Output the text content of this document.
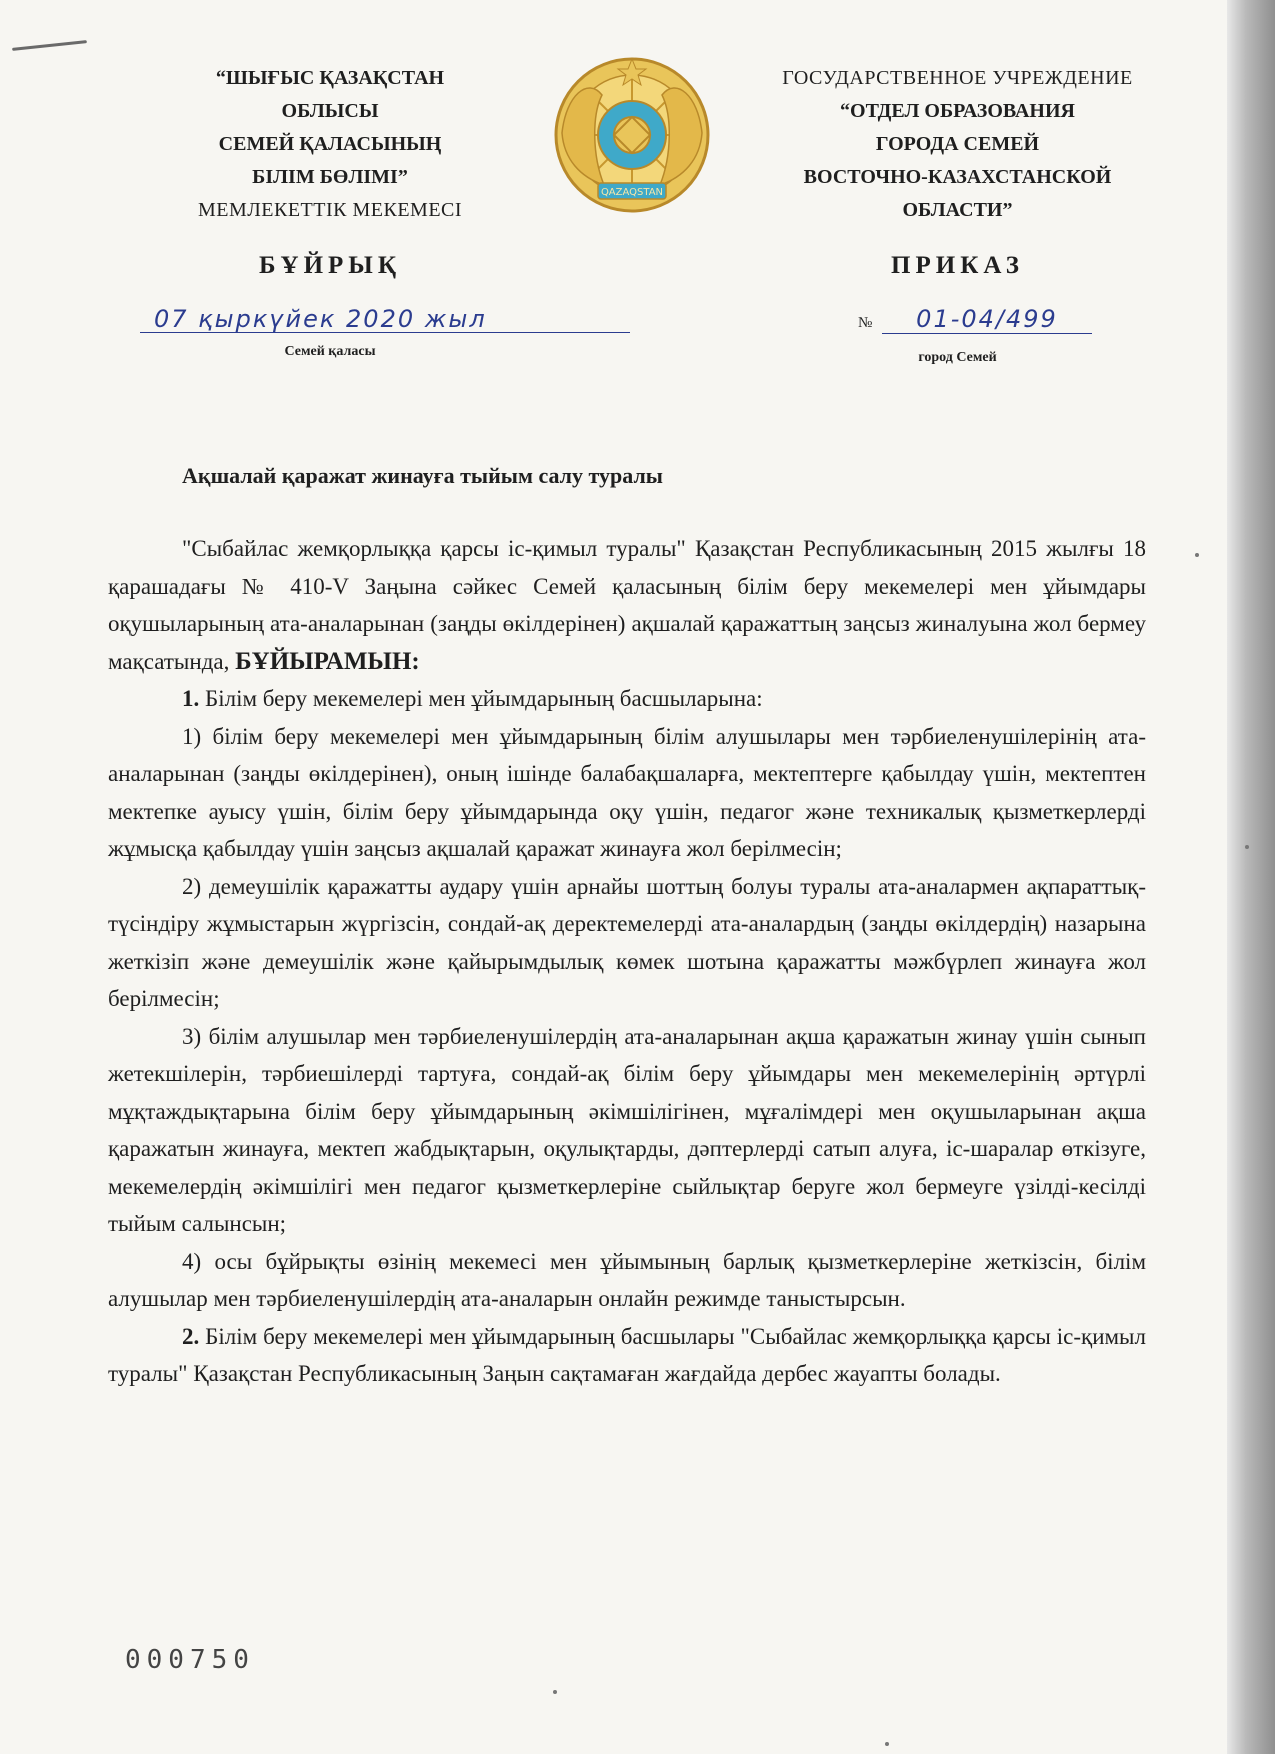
“ШЫҒЫС ҚАЗАҚСТАН
ОБЛЫСЫ
СЕМЕЙ ҚАЛАСЫНЫҢ
БІЛІМ БӨЛІМІ”
МЕМЛЕКЕТТІК МЕКЕМЕСІ
QAZAQSTAN
ГОСУДАРСТВЕННОЕ УЧРЕЖДЕНИЕ
“ОТДЕЛ ОБРАЗОВАНИЯ
ГОРОДА СЕМЕЙ
ВОСТОЧНО-КАЗАХСТАНСКОЙ
ОБЛАСТИ”
БҰЙРЫҚ	ПРИКАЗ
07 қыркүйек 2020 жыл
Семей қаласы
№	01-04/499
город Семей
Ақшалай қаражат жинауға тыйым салу туралы

"Сыбайлас жемқорлыққа қарсы іс-қимыл туралы" Қазақстан Республикасының 2015 жылғы 18 қарашадағы № 410-V Заңына сәйкес Семей қаласының білім беру мекемелері мен ұйымдары оқушыларының ата-аналарынан (заңды өкілдерінен) ақшалай қаражаттың заңсыз жиналуына жол бермеу мақсатында, БҰЙЫРАМЫН:

1. Білім беру мекемелері мен ұйымдарының басшыларына:

1) білім беру мекемелері мен ұйымдарының білім алушылары мен тәрбиеленушілерінің ата-аналарынан (заңды өкілдерінен), оның ішінде балабақшаларға, мектептерге қабылдау үшін, мектептен мектепке ауысу үшін, білім беру ұйымдарында оқу үшін, педагог және техникалық қызметкерлерді жұмысқа қабылдау үшін заңсыз ақшалай қаражат жинауға жол берілмесін;

2) демеушілік қаражатты аудару үшін арнайы шоттың болуы туралы ата-аналармен ақпараттық-түсіндіру жұмыстарын жүргізсін, сондай-ақ деректемелерді ата-аналардың (заңды өкілдердің) назарына жеткізіп және демеушілік және қайырымдылық көмек шотына қаражатты мәжбүрлеп жинауға жол берілмесін;

3) білім алушылар мен тәрбиеленушілердің ата-аналарынан ақша қаражатын жинау үшін сынып жетекшілерін, тәрбиешілерді тартуға, сондай-ақ білім беру ұйымдары мен мекемелерінің әртүрлі мұқтаждықтарына білім беру ұйымдарының әкімшілігінен, мұғалімдері мен оқушыларынан ақша қаражатын жинауға, мектеп жабдықтарын, оқулықтарды, дәптерлерді сатып алуға, іс-шаралар өткізуге, мекемелердің әкімшілігі мен педагог қызметкерлеріне сыйлықтар беруге жол бермеуге үзілді-кесілді тыйым салынсын;

4) осы бұйрықты өзінің мекемесі мен ұйымының барлық қызметкерлеріне жеткізсін, білім алушылар мен тәрбиеленушілердің ата-аналарын онлайн режимде таныстырсын.

2. Білім беру мекемелері мен ұйымдарының басшылары "Сыбайлас жемқорлыққа қарсы іс-қимыл туралы" Қазақстан Республикасының Заңын сақтамаған жағдайда дербес жауапты болады.

000750
